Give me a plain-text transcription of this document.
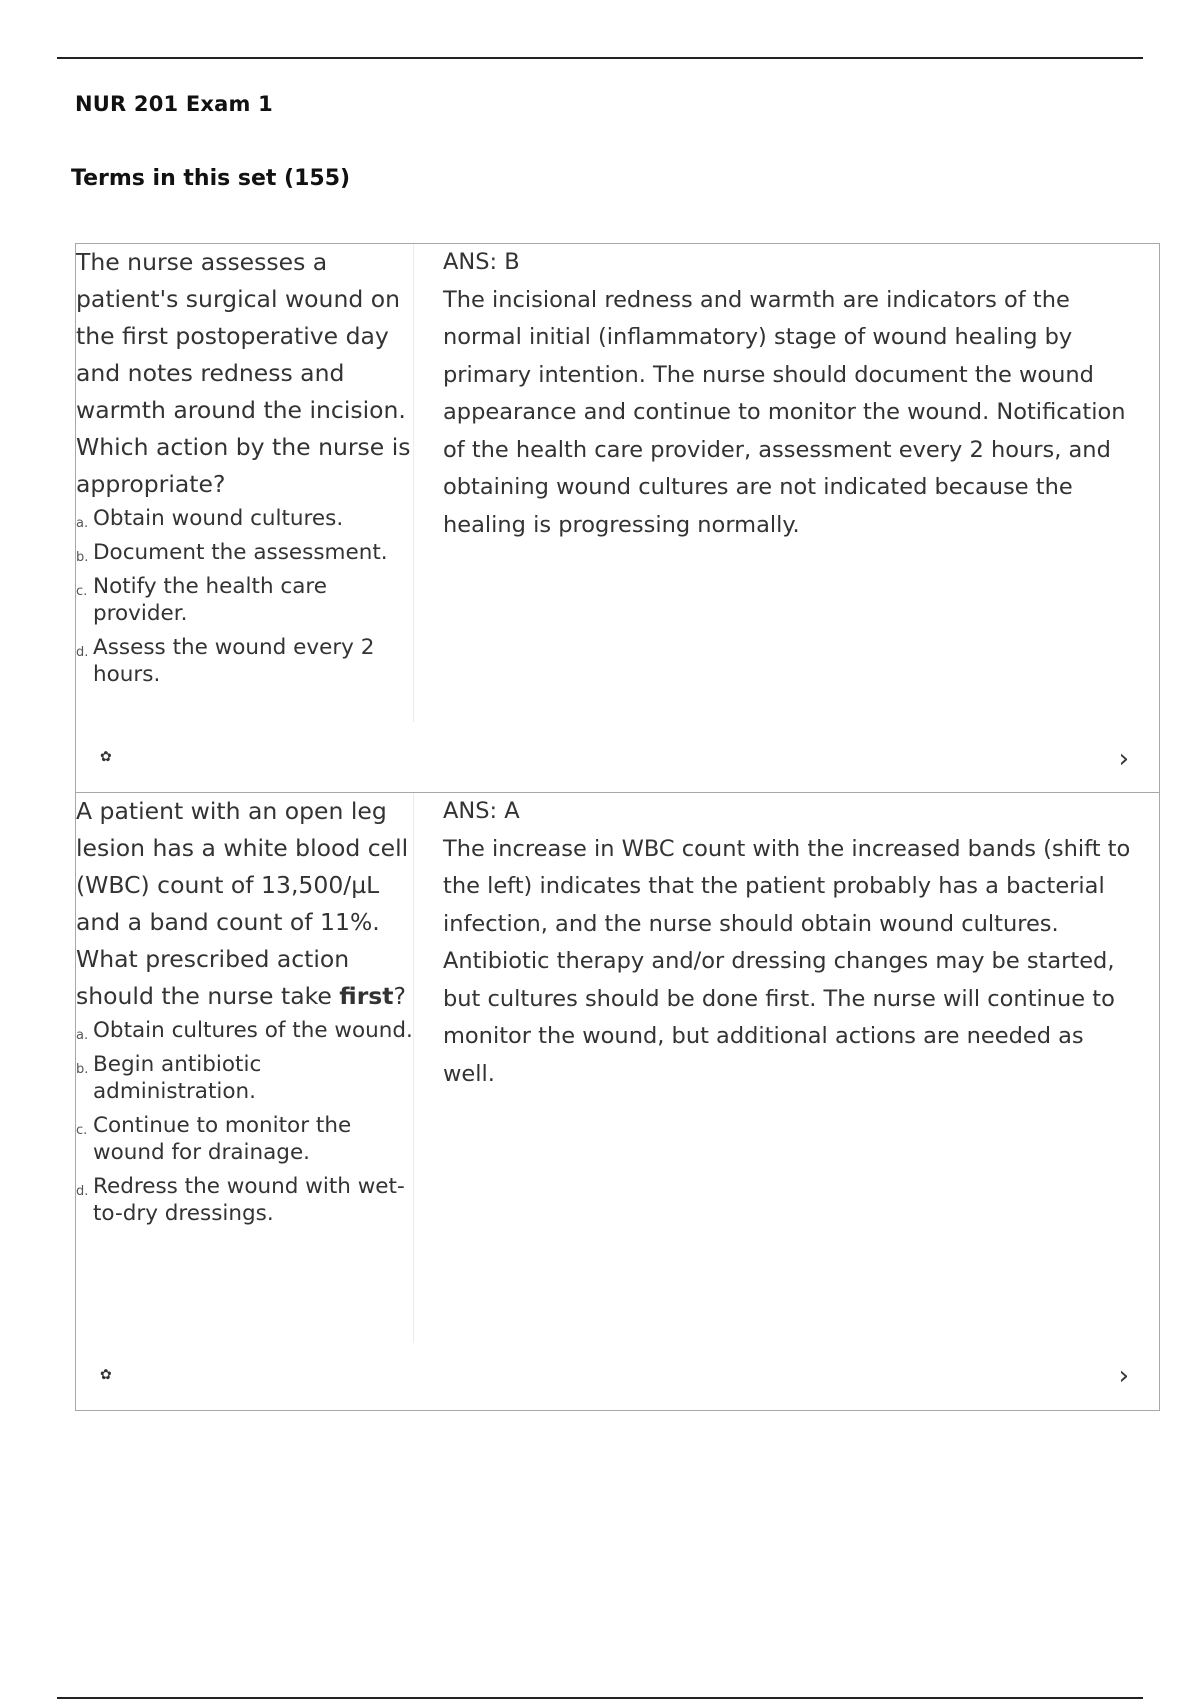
NUR 201 Exam 1
Terms in this set (155)

The nurse assesses a patient's surgical wound on the first postoperative day and notes redness and warmth around the incision. Which action by the nurse is appropriate?

a. Obtain wound cultures.
b. Document the assessment.
c. Notify the health care provider.
d. Assess the wound every 2 hours.
ANS: B
The incisional redness and warmth are indicators of the normal initial (inflammatory) stage of wound healing by primary intention. The nurse should document the wound appearance and continue to monitor the wound. Notification of the health care provider, assessment every 2 hours, and obtaining wound cultures are not indicated because the healing is progressing normally.
✿	›

A patient with an open leg lesion has a white blood cell (WBC) count of 13,500/µL and a band count of 11%. What prescribed action should the nurse take first?

a. Obtain cultures of the wound.
b. Begin antibiotic administration.
c. Continue to monitor the wound for drainage.
d. Redress the wound with wet-to-dry dressings.
ANS: A
The increase in WBC count with the increased bands (shift to the left) indicates that the patient probably has a bacterial infection, and the nurse should obtain wound cultures. Antibiotic therapy and/or dressing changes may be started, but cultures should be done first. The nurse will continue to monitor the wound, but additional actions are needed as well.
✿	›
